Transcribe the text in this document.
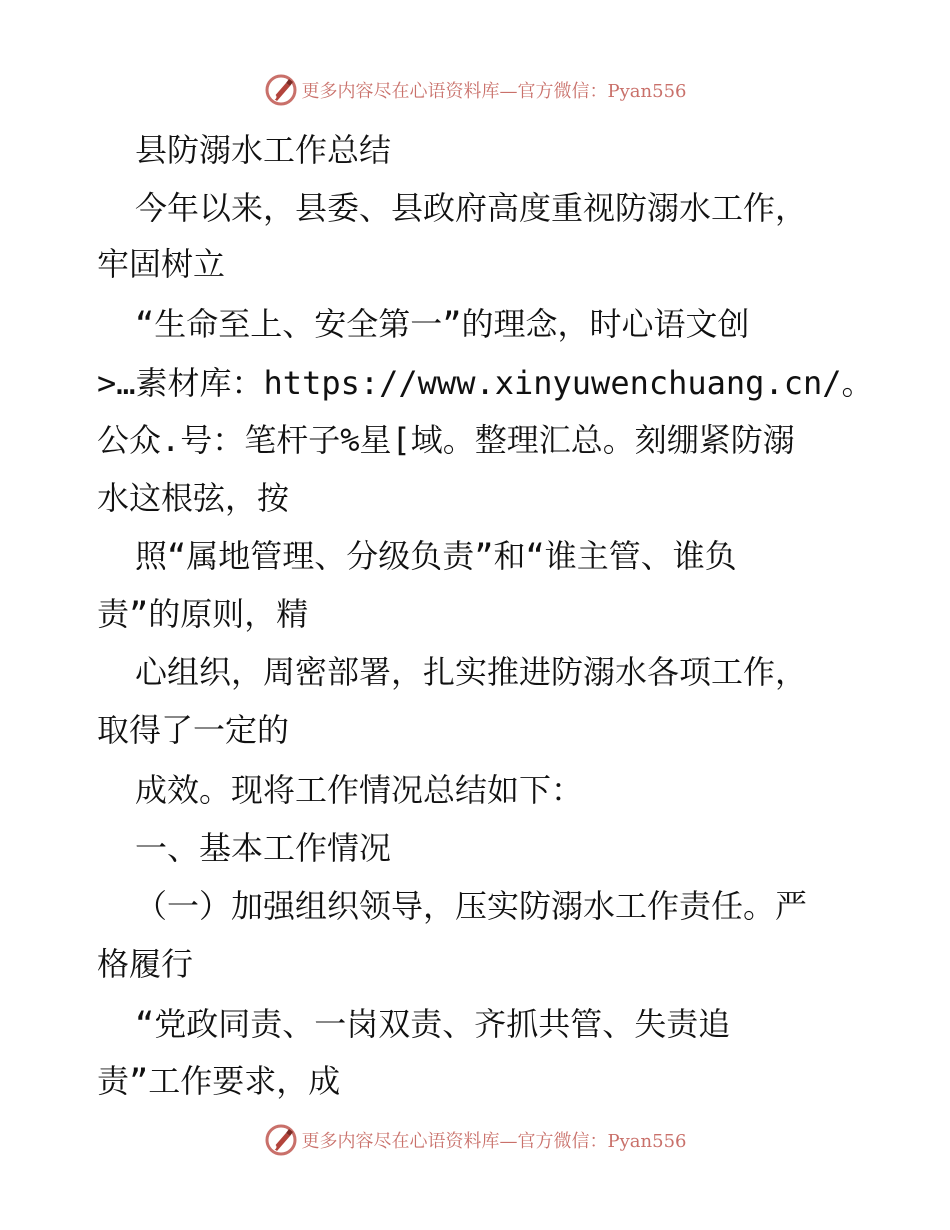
更多内容尽在心语资料库—官方微信：Pyan556
县防溺水工作总结
今年以来，县委、县政府高度重视防溺水工作，
牢固树立
“生命至上、安全第一”的理念，时心语文创
>…素材库：https://www.xinyuwenchuang.cn/。
公众.号：笔杆子%星[域。整理汇总。刻绷紧防溺
水这根弦，按
照“属地管理、分级负责”和“谁主管、谁负
责”的原则，精
心组织，周密部署，扎实推进防溺水各项工作，
取得了一定的
成效。现将工作情况总结如下：
一、基本工作情况
（一）加强组织领导，压实防溺水工作责任。严
格履行
“党政同责、一岗双责、齐抓共管、失责追
责”工作要求，成
更多内容尽在心语资料库—官方微信：Pyan556
